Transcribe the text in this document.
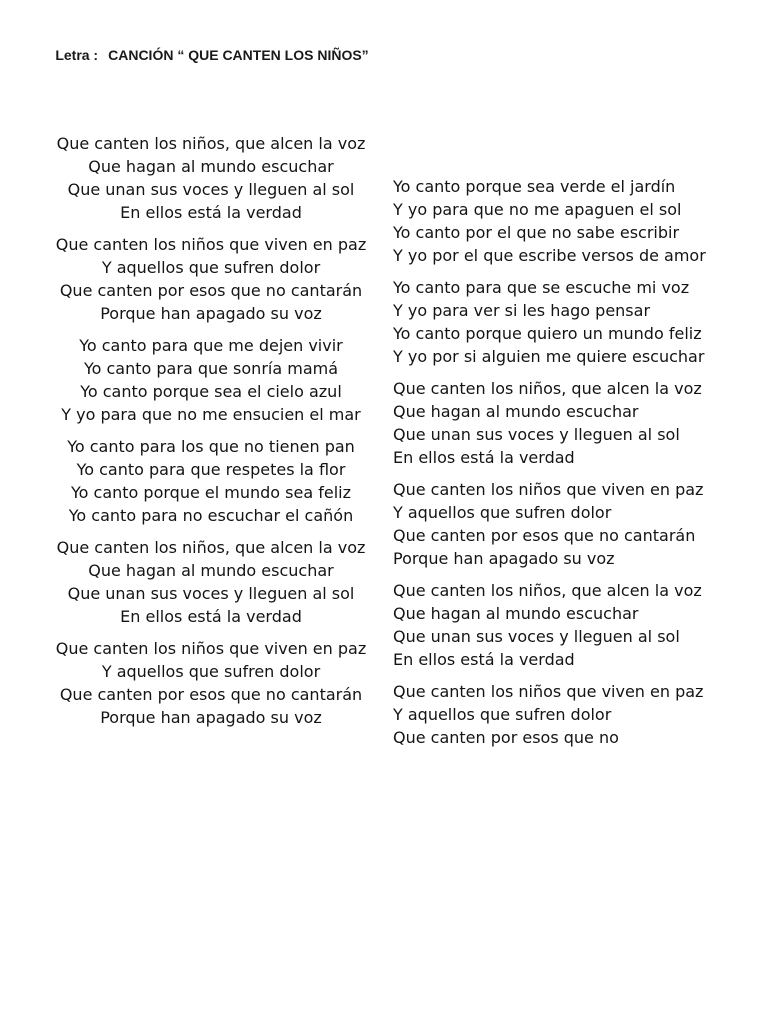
Letra : CANCIÓN “ QUE CANTEN LOS NIÑOS”
Que canten los niños, que alcen la voz
Que hagan al mundo escuchar
Que unan sus voces y lleguen al sol
En ellos está la verdad
Que canten los niños que viven en paz
Y aquellos que sufren dolor
Que canten por esos que no cantarán
Porque han apagado su voz
Yo canto para que me dejen vivir
Yo canto para que sonría mamá
Yo canto porque sea el cielo azul
Y yo para que no me ensucien el mar
Yo canto para los que no tienen pan
Yo canto para que respetes la flor
Yo canto porque el mundo sea feliz
Yo canto para no escuchar el cañón
Que canten los niños, que alcen la voz
Que hagan al mundo escuchar
Que unan sus voces y lleguen al sol
En ellos está la verdad
Que canten los niños que viven en paz
Y aquellos que sufren dolor
Que canten por esos que no cantarán
Porque han apagado su voz
Yo canto porque sea verde el jardín
Y yo para que no me apaguen el sol
Yo canto por el que no sabe escribir
Y yo por el que escribe versos de amor
Yo canto para que se escuche mi voz
Y yo para ver si les hago pensar
Yo canto porque quiero un mundo feliz
Y yo por si alguien me quiere escuchar
Que canten los niños, que alcen la voz
Que hagan al mundo escuchar
Que unan sus voces y lleguen al sol
En ellos está la verdad
Que canten los niños que viven en paz
Y aquellos que sufren dolor
Que canten por esos que no cantarán
Porque han apagado su voz
Que canten los niños, que alcen la voz
Que hagan al mundo escuchar
Que unan sus voces y lleguen al sol
En ellos está la verdad
Que canten los niños que viven en paz
Y aquellos que sufren dolor
Que canten por esos que no
